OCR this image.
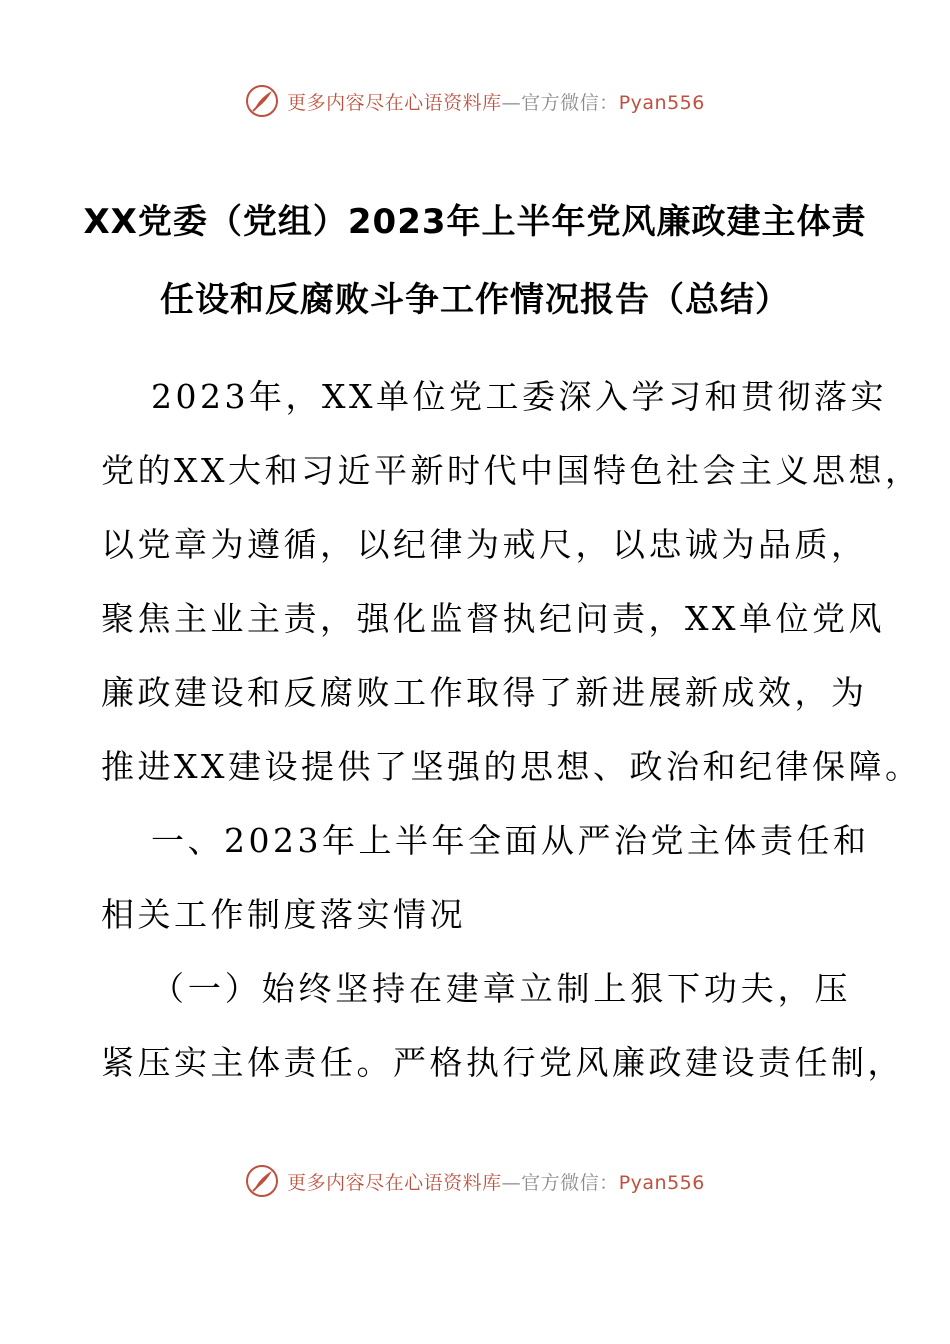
更多内容尽在心语资料库—官方微信：Pyan556
XX党委（党组）2023年上半年党风廉政建主体责
任设和反腐败斗争工作情况报告（总结）
2023年，XX单位党工委深入学习和贯彻落实
党的XX大和习近平新时代中国特色社会主义思想，
以党章为遵循，以纪律为戒尺，以忠诚为品质，
聚焦主业主责，强化监督执纪问责，XX单位党风
廉政建设和反腐败工作取得了新进展新成效，为
推进XX建设提供了坚强的思想、政治和纪律保障。
一、2023年上半年全面从严治党主体责任和
相关工作制度落实情况
（一）始终坚持在建章立制上狠下功夫，压
紧压实主体责任。严格执行党风廉政建设责任制，
更多内容尽在心语资料库—官方微信：Pyan556
